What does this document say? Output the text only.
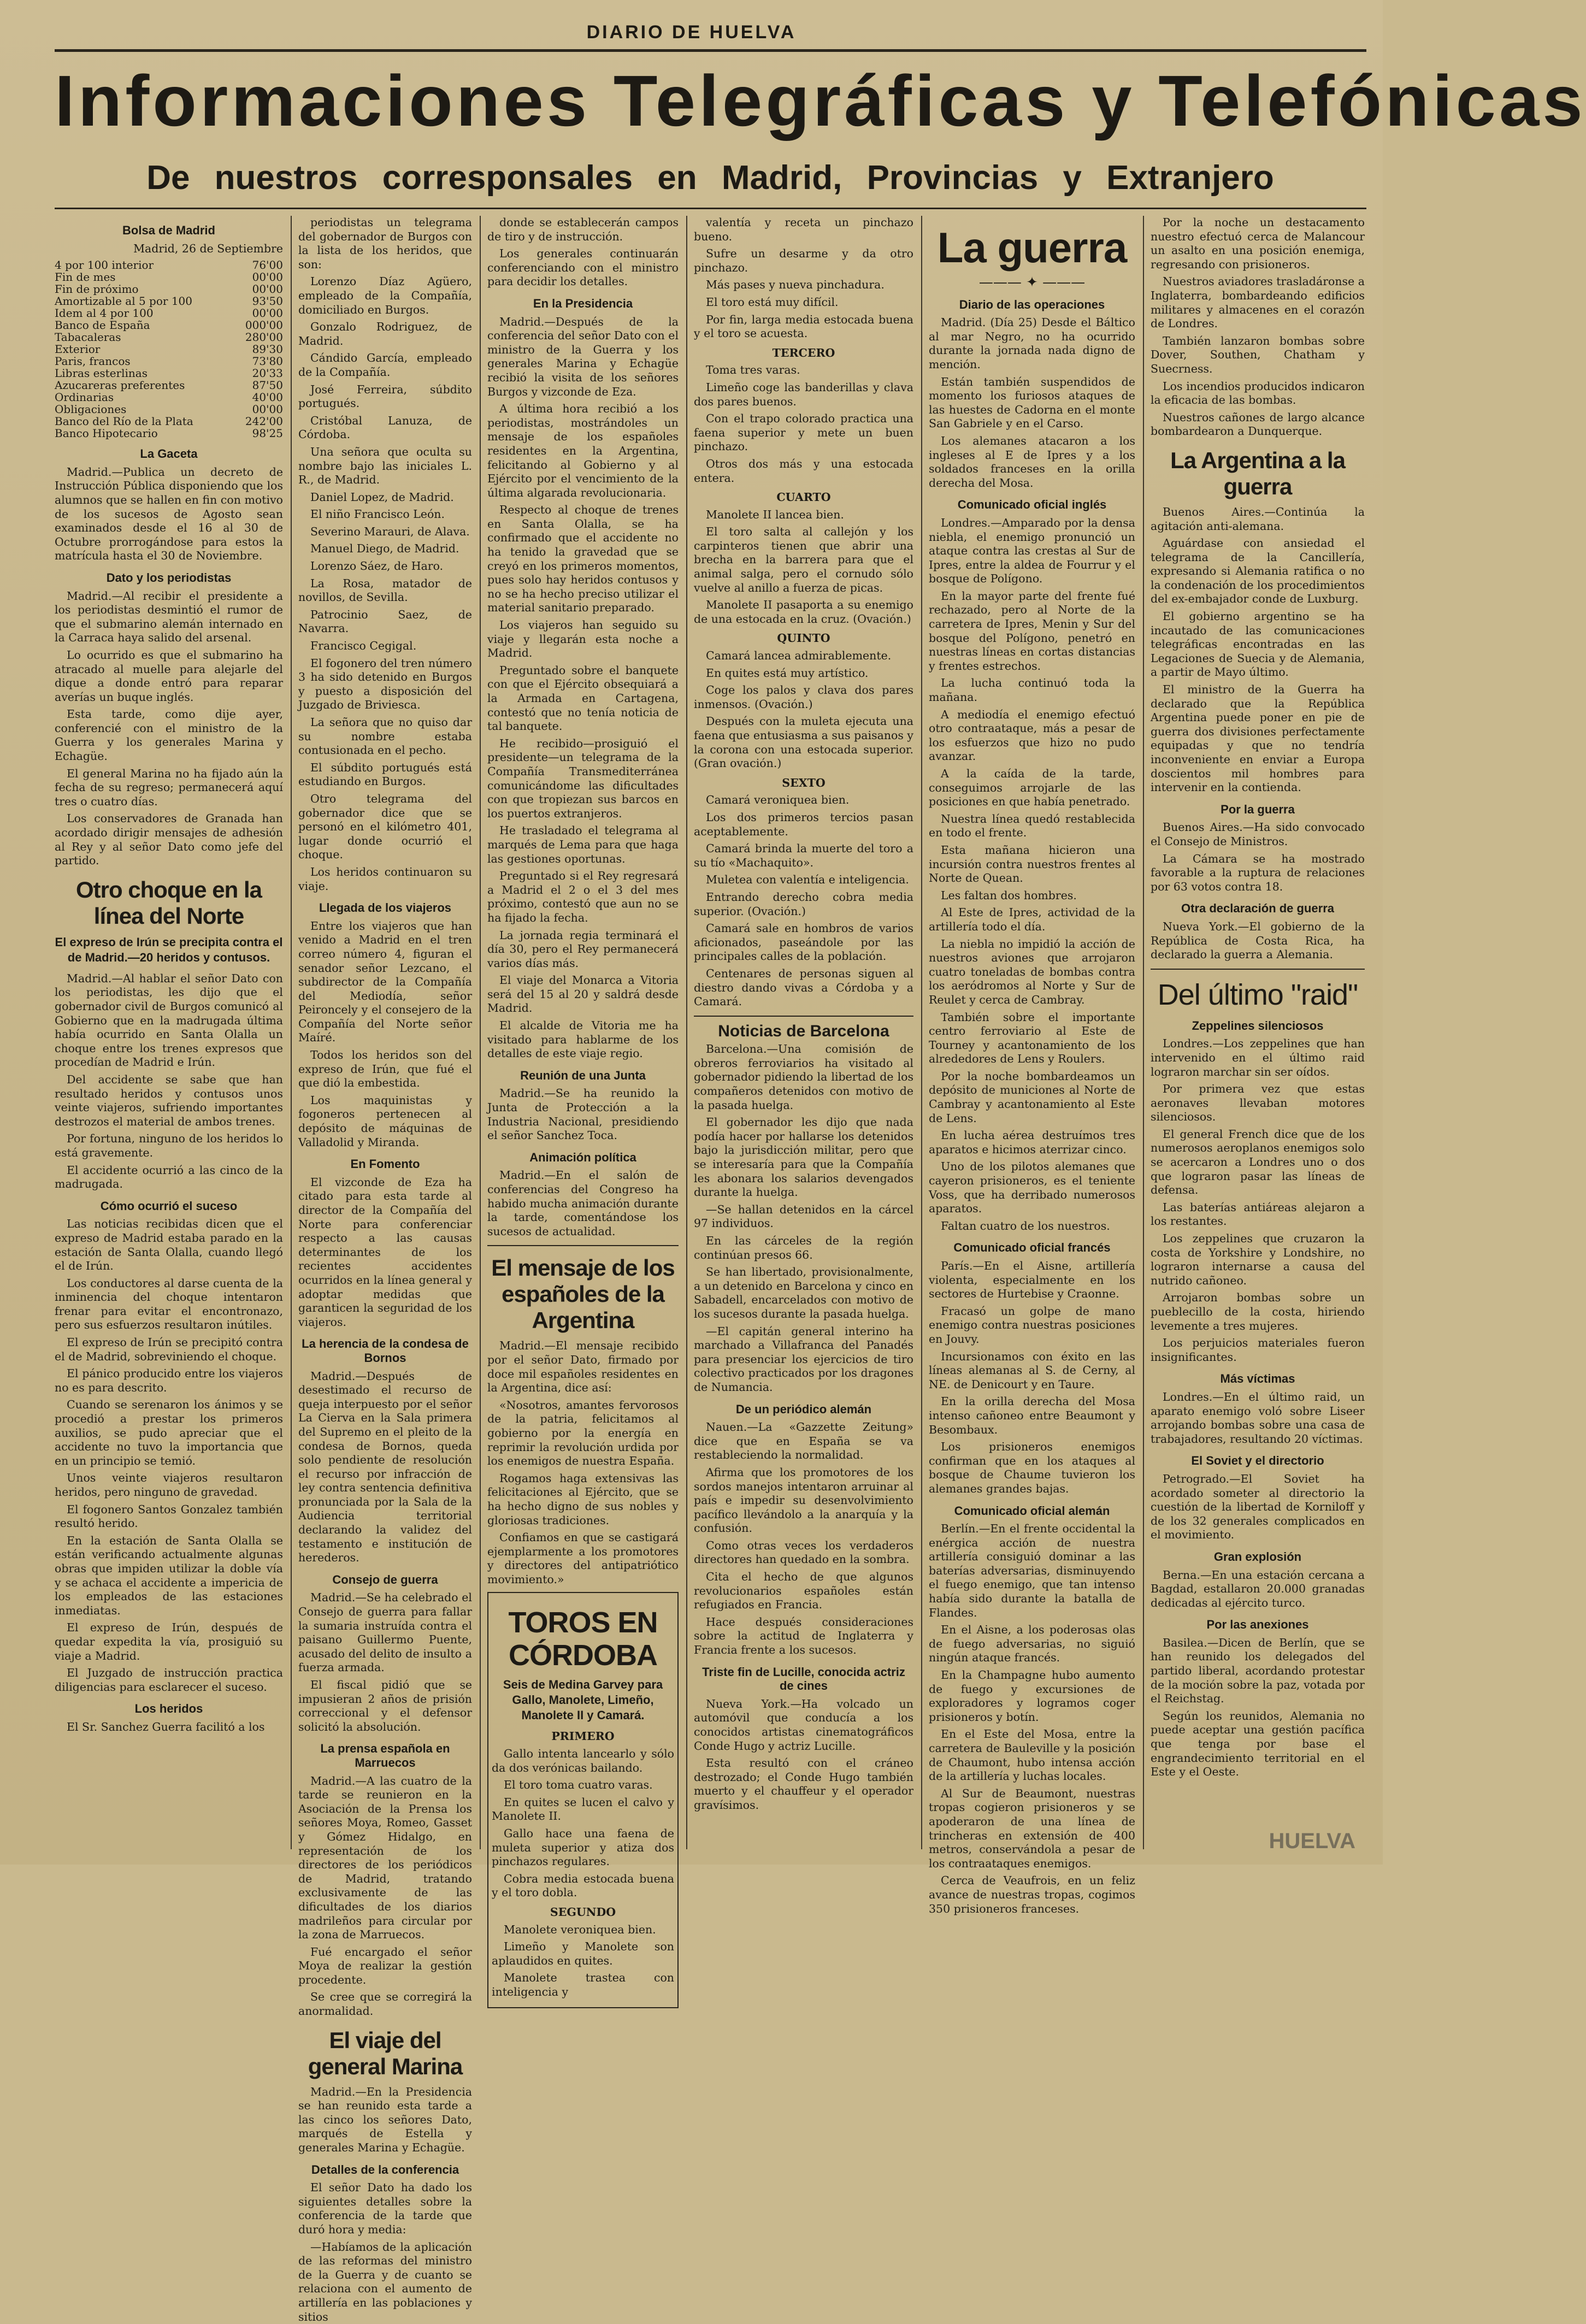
DIARIO DE HUELVA
Informaciones Telegráficas y Telefónicas
De nuestros corresponsales en Madrid, Provincias y Extranjero
Bolsa de Madrid

Madrid, 26 de Septiembre

4 por 100 interior	76'00
Fin de mes	00'00
Fin de próximo	00'00
Amortizable al 5 por 100	93'50
Idem al 4 por 100	00'00
Banco de España	000'00
Tabacaleras	280'00
Exterior	89'30
Paris, francos	73'80
Libras esterlinas	20'33
Azucareras preferentes	87'50
Ordinarias	40'00
Obligaciones	00'00
Banco del Río de la Plata	242'00
Banco Hipotecario	98'25
La Gaceta

Madrid.—Publica un decreto de Instrucción Pública disponiendo que los alumnos que se hallen en fin con motivo de los sucesos de Agosto sean examinados desde el 16 al 30 de Octubre prorrogándose para estos la matrícula hasta el 30 de Noviembre.

Dato y los periodistas

Madrid.—Al recibir el presidente a los periodistas desmintió el rumor de que el submarino alemán internado en la Carraca haya salido del arsenal.

Lo ocurrido es que el submarino ha atracado al muelle para alejarle del dique a donde entró para reparar averías un buque inglés.

Esta tarde, como dije ayer, conferencié con el ministro de la Guerra y los generales Marina y Echagüe.

El general Marina no ha fijado aún la fecha de su regreso; permanecerá aquí tres o cuatro días.

Los conservadores de Granada han acordado dirigir mensajes de adhesión al Rey y al señor Dato como jefe del partido.

Otro choque en la línea del Norte

El expreso de Irún se precipita contra el de Madrid.—20 heridos y contusos.

Madrid.—Al hablar el señor Dato con los periodistas, les dijo que el gobernador civil de Burgos comunicó al Gobierno que en la madrugada última había ocurrido en Santa Olalla un choque entre los trenes expresos que procedían de Madrid e Irún.

Del accidente se sabe que han resultado heridos y contusos unos veinte viajeros, sufriendo importantes destrozos el material de ambos trenes.

Por fortuna, ninguno de los heridos lo está gravemente.

El accidente ocurrió a las cinco de la madrugada.

Cómo ocurrió el suceso

Las noticias recibidas dicen que el expreso de Madrid estaba parado en la estación de Santa Olalla, cuando llegó el de Irún.

Los conductores al darse cuenta de la inminencia del choque intentaron frenar para evitar el encontronazo, pero sus esfuerzos resultaron inútiles.

El expreso de Irún se precipitó contra el de Madrid, sobreviniendo el choque.

El pánico producido entre los viajeros no es para descrito.

Cuando se serenaron los ánimos y se procedió a prestar los primeros auxilios, se pudo apreciar que el accidente no tuvo la importancia que en un principio se temió.

Unos veinte viajeros resultaron heridos, pero ninguno de gravedad.

El fogonero Santos Gonzalez también resultó herido.

En la estación de Santa Olalla se están verificando actualmente algunas obras que impiden utilizar la doble vía y se achaca el accidente a impericia de los empleados de las estaciones inmediatas.

El expreso de Irún, después de quedar expedita la vía, prosiguió su viaje a Madrid.

El Juzgado de instrucción practica diligencias para esclarecer el suceso.

Los heridos

El Sr. Sanchez Guerra facilitó a los

periodistas un telegrama del gobernador de Burgos con la lista de los heridos, que son:

Lorenzo Díaz Agüero, empleado de la Compañía, domiciliado en Burgos.

Gonzalo Rodriguez, de Madrid.

Cándido García, empleado de la Compañía.

José Ferreira, súbdito portugués.

Cristóbal Lanuza, de Córdoba.

Una señora que oculta su nombre bajo las iniciales L. R., de Madrid.

Daniel Lopez, de Madrid.

El niño Francisco León.

Severino Marauri, de Alava.

Manuel Diego, de Madrid.

Lorenzo Sáez, de Haro.

La Rosa, matador de novillos, de Sevilla.

Patrocinio Saez, de Navarra.

Francisco Cegigal.

El fogonero del tren número 3 ha sido detenido en Burgos y puesto a disposición del Juzgado de Briviesca.

La señora que no quiso dar su nombre estaba contusionada en el pecho.

El súbdito portugués está estudiando en Burgos.

Otro telegrama del gobernador dice que se personó en el kilómetro 401, lugar donde ocurrió el choque.

Los heridos continuaron su viaje.

Llegada de los viajeros

Entre los viajeros que han venido a Madrid en el tren correo número 4, figuran el senador señor Lezcano, el subdirector de la Compañía del Mediodía, señor Peironcely y el consejero de la Compañía del Norte señor Maíré.

Todos los heridos son del expreso de Irún, que fué el que dió la embestida.

Los maquinistas y fogoneros pertenecen al depósito de máquinas de Valladolid y Miranda.

En Fomento

El vizconde de Eza ha citado para esta tarde al director de la Compañía del Norte para conferenciar respecto a las causas determinantes de los recientes accidentes ocurridos en la línea general y adoptar medidas que garanticen la seguridad de los viajeros.

La herencia de la condesa de Bornos

Madrid.—Después de desestimado el recurso de queja interpuesto por el señor La Cierva en la Sala primera del Supremo en el pleito de la condesa de Bornos, queda solo pendiente de resolución el recurso por infracción de ley contra sentencia definitiva pronunciada por la Sala de la Audiencia territorial declarando la validez del testamento e institución de herederos.

Consejo de guerra

Madrid.—Se ha celebrado el Consejo de guerra para fallar la sumaria instruída contra el paisano Guillermo Puente, acusado del delito de insulto a fuerza armada.

El fiscal pidió que se impusieran 2 años de prisión correccional y el defensor solicitó la absolución.

La prensa española en Marruecos

Madrid.—A las cuatro de la tarde se reunieron en la Asociación de la Prensa los señores Moya, Romeo, Gasset y Gómez Hidalgo, en representación de los directores de los periódicos de Madrid, tratando exclusivamente de las dificultades de los diarios madrileños para circular por la zona de Marruecos.

Fué encargado el señor Moya de realizar la gestión procedente.

Se cree que se corregirá la anormalidad.

El viaje del general Marina

Madrid.—En la Presidencia se han reunido esta tarde a las cinco los señores Dato, marqués de Estella y generales Marina y Echagüe.

Detalles de la conferencia

El señor Dato ha dado los siguientes detalles sobre la conferencia de la tarde que duró hora y media:

—Habíamos de la aplicación de las reformas del ministro de la Guerra y de cuanto se relaciona con el aumento de artillería en las poblaciones y sitios

donde se establecerán campos de tiro y de instrucción.

Los generales continuarán conferenciando con el ministro para decidir los detalles.

En la Presidencia

Madrid.—Después de la conferencia del señor Dato con el ministro de la Guerra y los generales Marina y Echagüe recibió la visita de los señores Burgos y vizconde de Eza.

A última hora recibió a los periodistas, mostrándoles un mensaje de los españoles residentes en la Argentina, felicitando al Gobierno y al Ejército por el vencimiento de la última algarada revolucionaria.

Respecto al choque de trenes en Santa Olalla, se ha confirmado que el accidente no ha tenido la gravedad que se creyó en los primeros momentos, pues solo hay heridos contusos y no se ha hecho preciso utilizar el material sanitario preparado.

Los viajeros han seguido su viaje y llegarán esta noche a Madrid.

Preguntado sobre el banquete con que el Ejército obsequiará a la Armada en Cartagena, contestó que no tenía noticia de tal banquete.

He recibido—prosiguió el presidente—un telegrama de la Compañía Transmediterránea comunicándome las dificultades con que tropiezan sus barcos en los puertos extranjeros.

He trasladado el telegrama al marqués de Lema para que haga las gestiones oportunas.

Preguntado si el Rey regresará a Madrid el 2 o el 3 del mes próximo, contestó que aun no se ha fijado la fecha.

La jornada regia terminará el día 30, pero el Rey permanecerá varios días más.

El viaje del Monarca a Vitoria será del 15 al 20 y saldrá desde Madrid.

El alcalde de Vitoria me ha visitado para hablarme de los detalles de este viaje regio.

Reunión de una Junta

Madrid.—Se ha reunido la Junta de Protección a la Industria Nacional, presidiendo el señor Sanchez Toca.

Animación política

Madrid.—En el salón de conferencias del Congreso ha habido mucha animación durante la tarde, comentándose los sucesos de actualidad.

El mensaje de los españoles de la Argentina

Madrid.—El mensaje recibido por el señor Dato, firmado por doce mil españoles residentes en la Argentina, dice así:

«Nosotros, amantes fervorosos de la patria, felicitamos al gobierno por la energía en reprimir la revolución urdida por los enemigos de nuestra España.

Rogamos haga extensivas las felicitaciones al Ejército, que se ha hecho digno de sus nobles y gloriosas tradiciones.

Confiamos en que se castigará ejemplarmente a los promotores y directores del antipatriótico movimiento.»

TOROS EN CÓRDOBA

Seis de Medina Garvey para Gallo, Manolete, Limeño, Manolete II y Camará.

PRIMERO

Gallo intenta lancearlo y sólo da dos verónicas bailando.

El toro toma cuatro varas.

En quites se lucen el calvo y Manolete II.

Gallo hace una faena de muleta superior y atiza dos pinchazos regulares.

Cobra media estocada buena y el toro dobla.

SEGUNDO

Manolete veroniquea bien.

Limeño y Manolete son aplaudidos en quites.

Manolete trastea con inteligencia y

valentía y receta un pinchazo bueno.

Sufre un desarme y da otro pinchazo.

Más pases y nueva pinchadura.

El toro está muy difícil.

Por fin, larga media estocada buena y el toro se acuesta.

TERCERO

Toma tres varas.

Limeño coge las banderillas y clava dos pares buenos.

Con el trapo colorado practica una faena superior y mete un buen pinchazo.

Otros dos más y una estocada entera.

CUARTO

Manolete II lancea bien.

El toro salta al callejón y los carpinteros tienen que abrir una brecha en la barrera para que el animal salga, pero el cornudo sólo vuelve al anillo a fuerza de picas.

Manolete II pasaporta a su enemigo de una estocada en la cruz. (Ovación.)

QUINTO

Camará lancea admirablemente.

En quites está muy artístico.

Coge los palos y clava dos pares inmensos. (Ovación.)

Después con la muleta ejecuta una faena que entusiasma a sus paisanos y la corona con una estocada superior. (Gran ovación.)

SEXTO

Camará veroniquea bien.

Los dos primeros tercios pasan aceptablemente.

Camará brinda la muerte del toro a su tío «Machaquito».

Muletea con valentía e inteligencia.

Entrando derecho cobra media superior. (Ovación.)

Camará sale en hombros de varios aficionados, paseándole por las principales calles de la población.

Centenares de personas siguen al diestro dando vivas a Córdoba y a Camará.

Noticias de Barcelona

Barcelona.—Una comisión de obreros ferroviarios ha visitado al gobernador pidiendo la libertad de los compañeros detenidos con motivo de la pasada huelga.

El gobernador les dijo que nada podía hacer por hallarse los detenidos bajo la jurisdicción militar, pero que se interesaría para que la Compañía les abonara los salarios devengados durante la huelga.

—Se hallan detenidos en la cárcel 97 individuos.

En las cárceles de la región continúan presos 66.

Se han libertado, provisionalmente, a un detenido en Barcelona y cinco en Sabadell, encarcelados con motivo de los sucesos durante la pasada huelga.

—El capitán general interino ha marchado a Villafranca del Panadés para presenciar los ejercicios de tiro colectivo practicados por los dragones de Numancia.

De un periódico alemán

Nauen.—La «Gazzette Zeitung» dice que en España se va restableciendo la normalidad.

Afirma que los promotores de los sordos manejos intentaron arruinar al país e impedir su desenvolvimiento pacífico llevándolo a la anarquía y la confusión.

Como otras veces los verdaderos directores han quedado en la sombra.

Cita el hecho de que algunos revolucionarios españoles están refugiados en Francia.

Hace después consideraciones sobre la actitud de Inglaterra y Francia frente a los sucesos.

Triste fin de Lucille, conocida actriz de cines

Nueva York.—Ha volcado un automóvil que conducía a los conocidos artistas cinematográficos Conde Hugo y actriz Lucille.

Esta resultó con el cráneo destrozado; el Conde Hugo también muerto y el chauffeur y el operador gravísimos.

La guerra
——— ✦ ———
Diario de las operaciones

Madrid. (Día 25) Desde el Báltico al mar Negro, no ha ocurrido durante la jornada nada digno de mención.

Están también suspendidos de momento los furiosos ataques de las huestes de Cadorna en el monte San Gabriele y en el Carso.

Los alemanes atacaron a los ingleses al E de Ipres y a los soldados franceses en la orilla derecha del Mosa.

Comunicado oficial inglés

Londres.—Amparado por la densa niebla, el enemigo pronunció un ataque contra las crestas al Sur de Ipres, entre la aldea de Fourrur y el bosque de Polígono.

En la mayor parte del frente fué rechazado, pero al Norte de la carretera de Ipres, Menin y Sur del bosque del Polígono, penetró en nuestras líneas en cortas distancias y frentes estrechos.

La lucha continuó toda la mañana.

A mediodía el enemigo efectuó otro contraataque, más a pesar de los esfuerzos que hizo no pudo avanzar.

A la caída de la tarde, conseguimos arrojarle de las posiciones en que había penetrado.

Nuestra línea quedó restablecida en todo el frente.

Esta mañana hicieron una incursión contra nuestros frentes al Norte de Quean.

Les faltan dos hombres.

Al Este de Ipres, actividad de la artillería todo el día.

La niebla no impidió la acción de nuestros aviones que arrojaron cuatro toneladas de bombas contra los aeródromos al Norte y Sur de Reulet y cerca de Cambray.

También sobre el importante centro ferroviario al Este de Tourney y acantonamiento de los alrededores de Lens y Roulers.

Por la noche bombardeamos un depósito de municiones al Norte de Cambray y acantonamiento al Este de Lens.

En lucha aérea destruímos tres aparatos e hicimos aterrizar cinco.

Uno de los pilotos alemanes que cayeron prisioneros, es el teniente Voss, que ha derribado numerosos aparatos.

Faltan cuatro de los nuestros.

Comunicado oficial francés

París.—En el Aisne, artillería violenta, especialmente en los sectores de Hurtebise y Craonne.

Fracasó un golpe de mano enemigo contra nuestras posiciones en Jouvy.

Incursionamos con éxito en las líneas alemanas al S. de Cerny, al NE. de Denicourt y en Taure.

En la orilla derecha del Mosa intenso cañoneo entre Beaumont y Besombaux.

Los prisioneros enemigos confirman que en los ataques al bosque de Chaume tuvieron los alemanes grandes bajas.

Comunicado oficial alemán

Berlín.—En el frente occidental la enérgica acción de nuestra artillería consiguió dominar a las baterías adversarias, disminuyendo el fuego enemigo, que tan intenso había sido durante la batalla de Flandes.

En el Aisne, a los poderosas olas de fuego adversarias, no siguió ningún ataque francés.

En la Champagne hubo aumento de fuego y excursiones de exploradores y logramos coger prisioneros y botín.

En el Este del Mosa, entre la carretera de Bauleville y la posición de Chaumont, hubo intensa acción de la artillería y luchas locales.

Al Sur de Beaumont, nuestras tropas cogieron prisioneros y se apoderaron de una línea de trincheras en extensión de 400 metros, conservándola a pesar de los contraataques enemigos.

Cerca de Veaufrois, en un feliz avance de nuestras tropas, cogimos 350 prisioneros franceses.

Por la noche un destacamento nuestro efectuó cerca de Malancour un asalto en una posición enemiga, regresando con prisioneros.

Nuestros aviadores trasladáronse a Inglaterra, bombardeando edificios militares y almacenes en el corazón de Londres.

También lanzaron bombas sobre Dover, Southen, Chatham y Suecrness.

Los incendios producidos indicaron la eficacia de las bombas.

Nuestros cañones de largo alcance bombardearon a Dunquerque.

La Argentina a la guerra

Buenos Aires.—Continúa la agitación anti-alemana.

Aguárdase con ansiedad el telegrama de la Cancillería, expresando si Alemania ratifica o no la condenación de los procedimientos del ex-embajador conde de Luxburg.

El gobierno argentino se ha incautado de las comunicaciones telegráficas encontradas en las Legaciones de Suecia y de Alemania, a partir de Mayo último.

El ministro de la Guerra ha declarado que la República Argentina puede poner en pie de guerra dos divisiones perfectamente equipadas y que no tendría inconveniente en enviar a Europa doscientos mil hombres para intervenir en la contienda.

Por la guerra

Buenos Aires.—Ha sido convocado el Consejo de Ministros.

La Cámara se ha mostrado favorable a la ruptura de relaciones por 63 votos contra 18.

Otra declaración de guerra

Nueva York.—El gobierno de la República de Costa Rica, ha declarado la guerra a Alemania.

Del último "raid"
Zeppelines silenciosos

Londres.—Los zeppelines que han intervenido en el último raid lograron marchar sin ser oídos.

Por primera vez que estas aeronaves llevaban motores silenciosos.

El general French dice que de los numerosos aeroplanos enemigos solo se acercaron a Londres uno o dos que lograron pasar las líneas de defensa.

Las baterías antiáreas alejaron a los restantes.

Los zeppelines que cruzaron la costa de Yorkshire y Londshire, no lograron internarse a causa del nutrido cañoneo.

Arrojaron bombas sobre un pueblecillo de la costa, hiriendo levemente a tres mujeres.

Los perjuicios materiales fueron insignificantes.

Más víctimas

Londres.—En el último raid, un aparato enemigo voló sobre Liseer arrojando bombas sobre una casa de trabajadores, resultando 20 víctimas.

El Soviet y el directorio

Petrogrado.—El Soviet ha acordado someter al directorio la cuestión de la libertad de Korniloff y de los 32 generales complicados en el movimiento.

Gran explosión

Berna.—En una estación cercana a Bagdad, estallaron 20.000 granadas dedicadas al ejército turco.

Por las anexiones

Basilea.—Dicen de Berlín, que se han reunido los delegados del partido liberal, acordando protestar de la moción sobre la paz, votada por el Reichstag.

Según los reunidos, Alemania no puede aceptar una gestión pacífica que tenga por base el engrandecimiento territorial en el Este y el Oeste.

HUELVA
